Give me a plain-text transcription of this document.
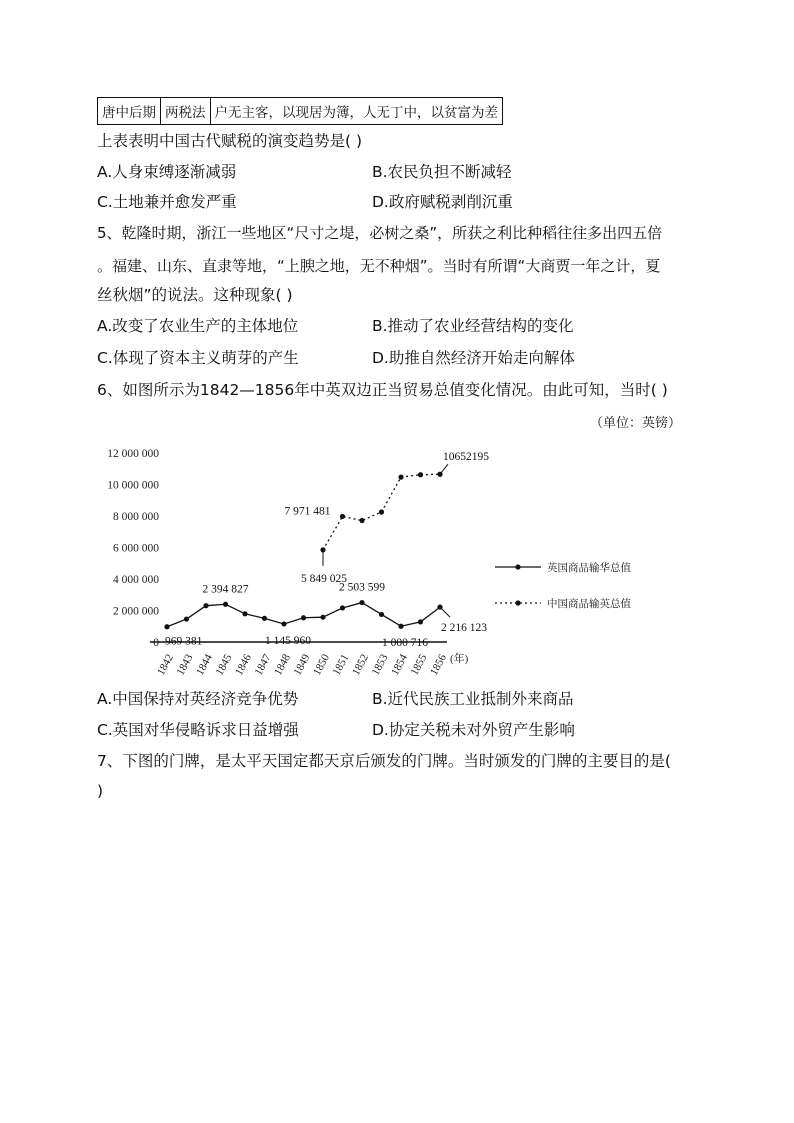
唐中后期	两税法	户无主客，以现居为簿，人无丁中，以贫富为差
上表表明中国古代赋税的演变趋势是( )
A.人身束缚逐渐减弱	B.农民负担不断减轻
C.土地兼并愈发严重	D.政府赋税剥削沉重
5、乾隆时期，浙江一些地区“尺寸之堤，必树之桑”，所获之利比种稻往往多出四五倍
。福建、山东、直隶等地，“上腴之地，无不种烟”。当时有所谓“大商贾一年之计，夏
丝秋烟”的说法。这种现象( )
A.改变了农业生产的主体地位	B.推动了农业经营结构的变化
C.体现了资本主义萌芽的产生	D.助推自然经济开始走向解体
6、如图所示为1842—1856年中英双边正当贸易总值变化情况。由此可知，当时( )
（单位：英镑）
0
2 000 000
4 000 000
6 000 000
8 000 000
10 000 000
12 000 000
1842
1843
1844
1845
1846
1847
1848
1849
1850
1851
1852
1853
1854
1855
1856 (年)
969 381
2 394 827
1 145 960
2 503 599
1 000 716
2 216 123
5 849 025
7 971 481
10652195
英国商品输华总值
中国商品输英总值
A.中国保持对英经济竞争优势	B.近代民族工业抵制外来商品
C.英国对华侵略诉求日益增强	D.协定关税未对外贸产生影响
7、下图的门牌，是太平天国定都天京后颁发的门牌。当时颁发的门牌的主要目的是(
)
